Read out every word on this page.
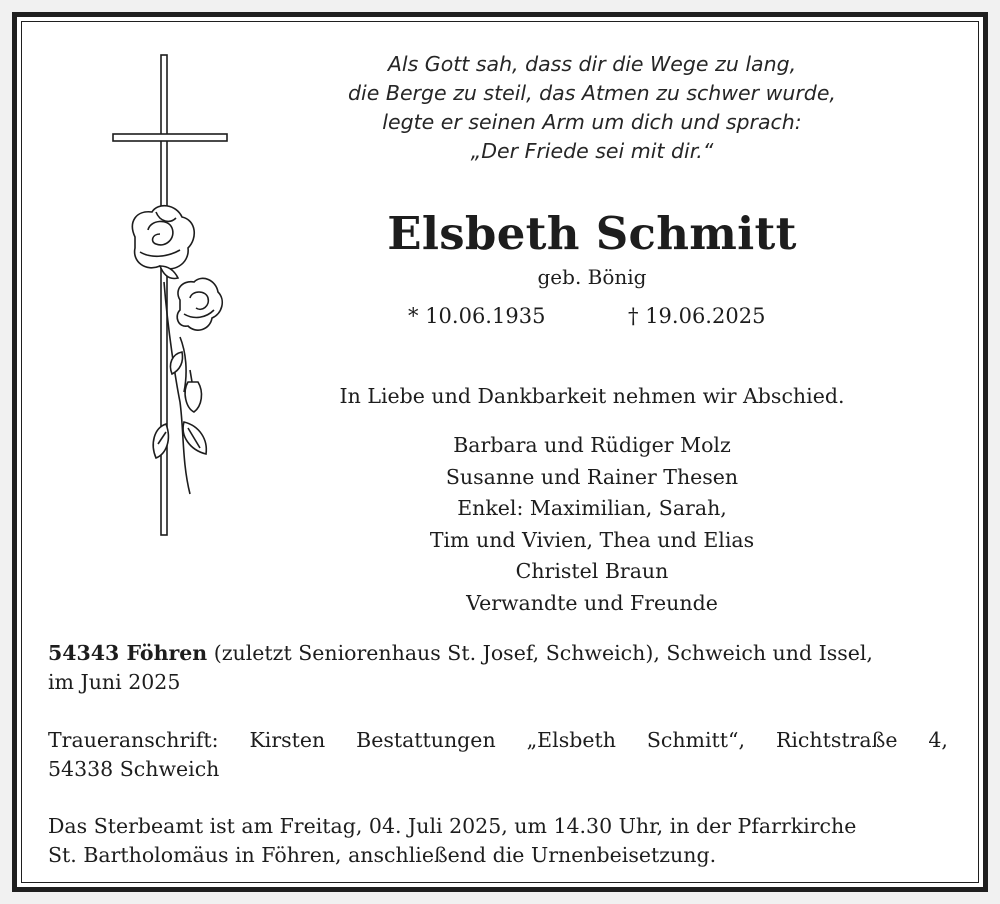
Als Gott sah, dass dir die Wege zu lang,
die Berge zu steil, das Atmen zu schwer wurde,
legte er seinen Arm um dich und sprach:
„Der Friede sei mit dir.“
Elsbeth Schmitt
geb. Bönig
* 10.06.1935	† 19.06.2025
In Liebe und Dankbarkeit nehmen wir Abschied.
Barbara und Rüdiger Molz
Susanne und Rainer Thesen
Enkel: Maximilian, Sarah,
Tim und Vivien, Thea und Elias
Christel Braun
Verwandte und Freunde
54343 Föhren (zuletzt Seniorenhaus St. Josef, Schweich), Schweich und Issel,
im Juni 2025
Traueranschrift: Kirsten Bestattungen „Elsbeth Schmitt“, Richtstraße 4,
54338 Schweich
Das Sterbeamt ist am Freitag, 04. Juli 2025, um 14.30 Uhr, in der Pfarrkirche
St. Bartholomäus in Föhren, anschließend die Urnenbeisetzung.
